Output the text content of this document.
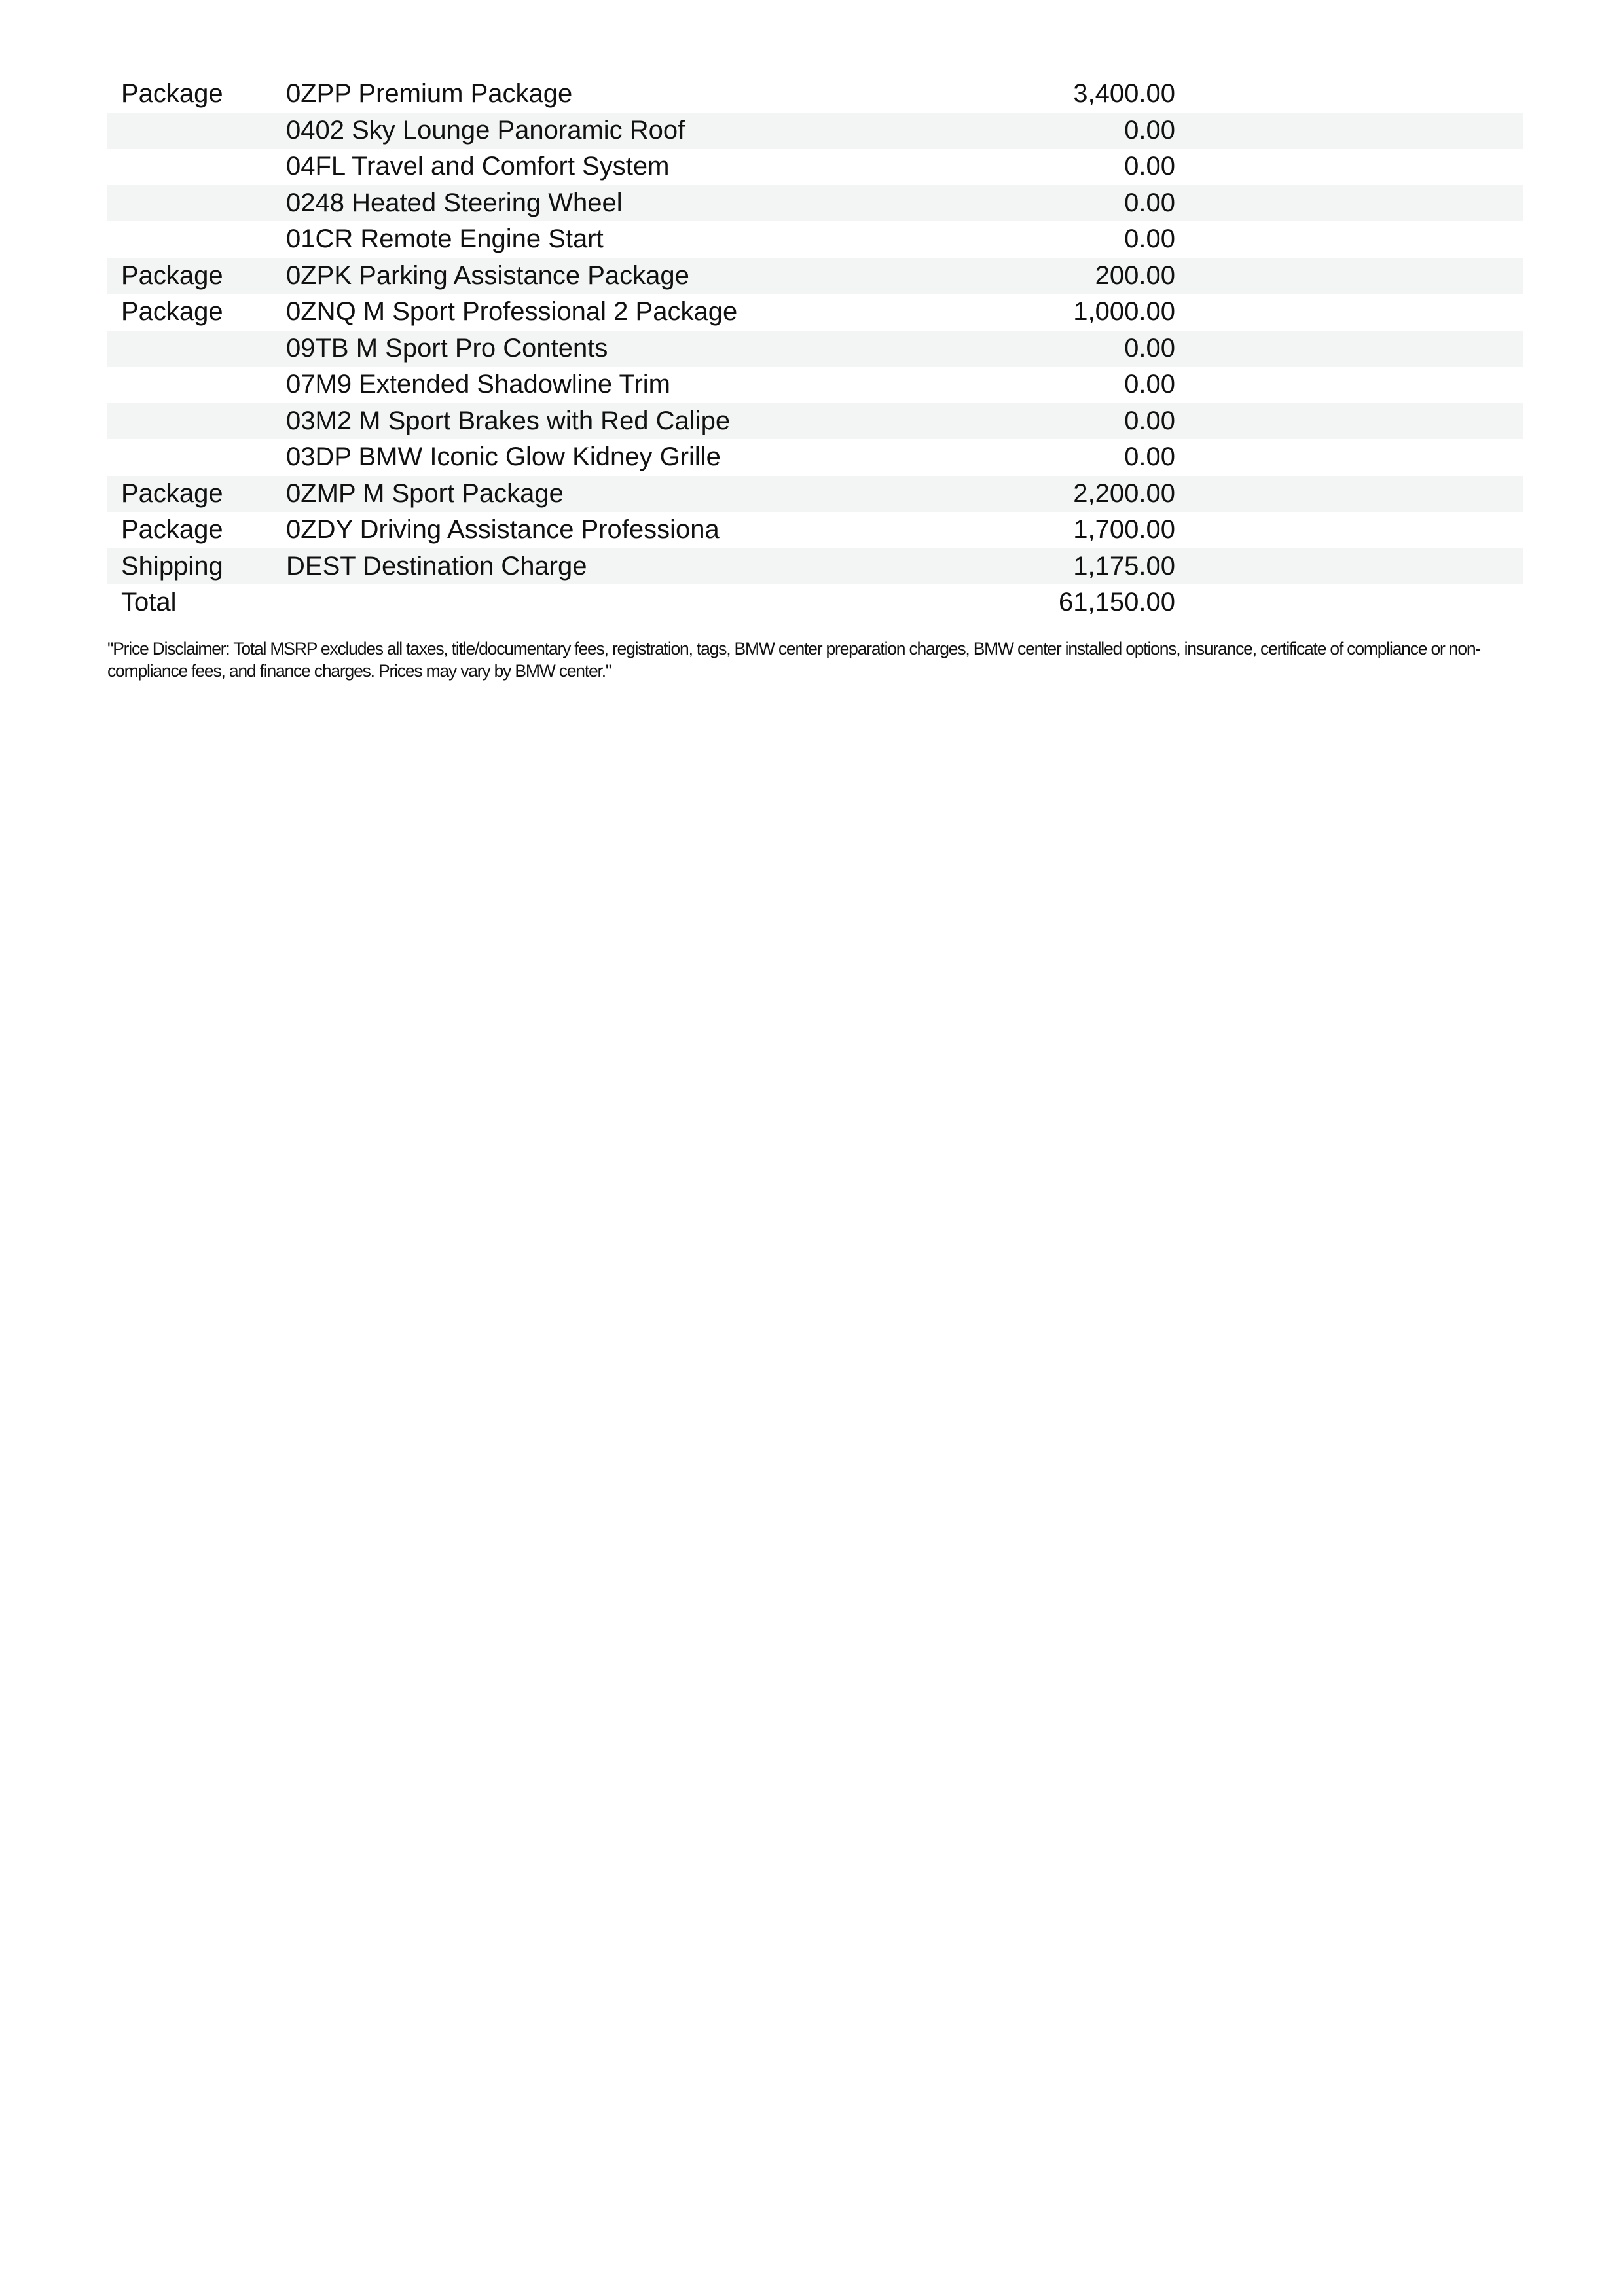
Package 0ZPP Premium Package	3,400.00
0402 Sky Lounge Panoramic Roof	0.00
04FL Travel and Comfort System	0.00
0248 Heated Steering Wheel	0.00
01CR Remote Engine Start	0.00
Package 0ZPK Parking Assistance Package	200.00
Package 0ZNQ M Sport Professional 2 Package	1,000.00
09TB M Sport Pro Contents	0.00
07M9 Extended Shadowline Trim	0.00
03M2 M Sport Brakes with Red Calipe	0.00
03DP BMW Iconic Glow Kidney Grille	0.00
Package 0ZMP M Sport Package	2,200.00
Package 0ZDY Driving Assistance Professiona	1,700.00
Shipping DEST Destination Charge	1,175.00
Total	61,150.00
"Price Disclaimer: Total MSRP excludes all taxes, title/documentary fees, registration, tags, BMW center preparation charges, BMW center installed options, insurance, certificate of compliance or non-compliance fees, and finance charges. Prices may vary by BMW center."
